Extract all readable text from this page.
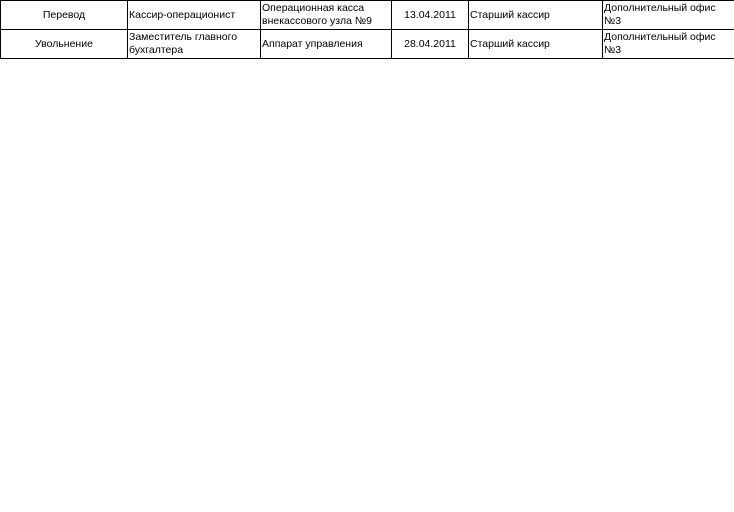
Перевод	Кассир-операционист	Операционная касса внекассового узла №9	13.04.2011	Старший кассир	Дополнительный офис №3
Увольнение	Заместитель главного бухгалтера	Аппарат управления	28.04.2011	Старший кассир	Дополнительный офис №3
